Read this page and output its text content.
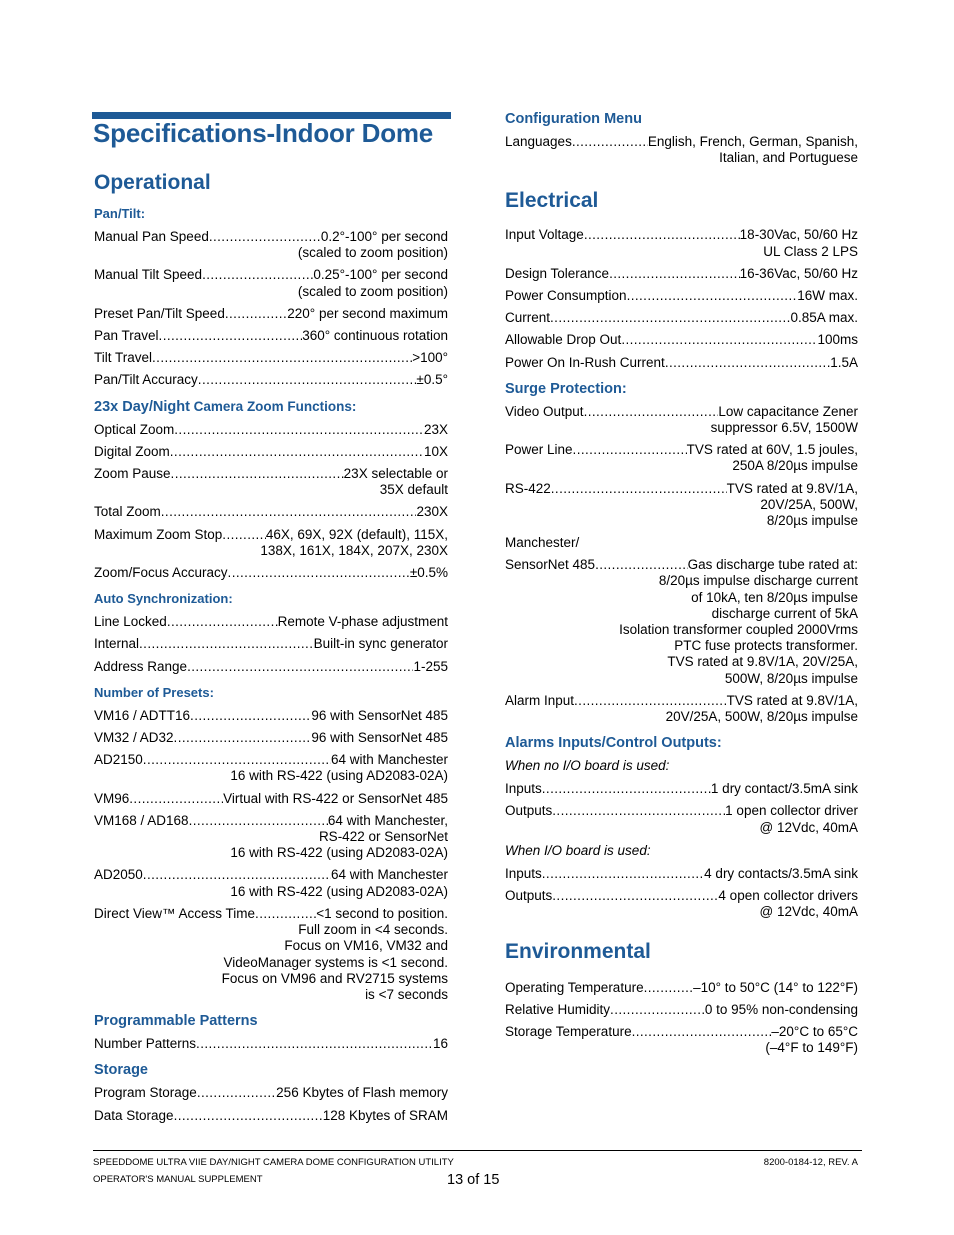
Specifications-Indoor Dome
Operational
Pan/Tilt:
Manual Pan Speed .....	0.2°-100° per second
(scaled to zoom position)
Manual Tilt Speed .....	0.25°-100° per second
(scaled to zoom position)
Preset Pan/Tilt Speed .....	220° per second maximum
Pan Travel .....	360° continuous rotation
Tilt Travel .....	>100°
Pan/Tilt Accuracy .....	±0.5°
23x Day/Night Camera Zoom Functions:
Optical Zoom .....	23X
Digital Zoom .....	10X
Zoom Pause .....	23X selectable or
35X default
Total Zoom .....	230X
Maximum Zoom Stop .....	46X, 69X, 92X (default), 115X,
138X, 161X, 184X, 207X, 230X
Zoom/Focus Accuracy .....	±0.5%
Auto Synchronization:
Line Locked .....	Remote V-phase adjustment
Internal .....	Built-in sync generator
Address Range .....	1-255
Number of Presets:
VM16 / ADTT16 .....	96 with SensorNet 485
VM32 / AD32 .....	96 with SensorNet 485
AD2150 .....	64 with Manchester
16 with RS-422 (using AD2083-02A)
VM96 .....	Virtual with RS-422 or SensorNet 485
VM168 / AD168 .....	64 with Manchester,
RS-422 or SensorNet
16 with RS-422 (using AD2083-02A)
AD2050 .....	64 with Manchester
16 with RS-422 (using AD2083-02A)
Direct View™ Access Time .....	<1 second to position.
Full zoom in <4 seconds.
Focus on VM16, VM32 and
VideoManager systems is <1 second.
Focus on VM96 and RV2715 systems
is <7 seconds
Programmable Patterns
Number Patterns .....	16
Storage
Program Storage .....	256 Kbytes of Flash memory
Data Storage .....	128 Kbytes of SRAM
Configuration Menu
Languages .....	English, French, German, Spanish,
Italian, and Portuguese
Electrical
Input Voltage .....	18-30Vac, 50/60 Hz
UL Class 2 LPS
Design Tolerance .....	16-36Vac, 50/60 Hz
Power Consumption .....	16W max.
Current .....	0.85A max.
Allowable Drop Out .....	100ms
Power On In-Rush Current .....	1.5A
Surge Protection:
Video Output .....	Low capacitance Zener
suppressor 6.5V, 1500W
Power Line .....	TVS rated at 60V, 1.5 joules,
250A 8/20µs impulse
RS-422 .....	TVS rated at 9.8V/1A,
20V/25A, 500W,
8/20µs impulse
Manchester/
SensorNet 485 .....	Gas discharge tube rated at:
8/20µs impulse discharge current
of 10kA, ten 8/20µs impulse
discharge current of 5kA
Isolation transformer coupled 2000Vrms
PTC fuse protects transformer.
TVS rated at 9.8V/1A, 20V/25A,
500W, 8/20µs impulse
Alarm Input .....	TVS rated at 9.8V/1A,
20V/25A, 500W, 8/20µs impulse
Alarms Inputs/Control Outputs:
When no I/O board is used:
Inputs .....	1 dry contact/3.5mA sink
Outputs .....	1 open collector driver
@ 12Vdc, 40mA
When I/O board is used:
Inputs .....	4 dry contacts/3.5mA sink
Outputs .....	4 open collector drivers
@ 12Vdc, 40mA
Environmental
Operating Temperature .....	–10° to 50°C (14° to 122°F)
Relative Humidity .....	0 to 95% non-condensing
Storage Temperature .....	–20°C to 65°C
(–4°F to 149°F)
SPEEDDOME ULTRA VIIE DAY/NIGHT CAMERA DOME CONFIGURATION UTILITY
OPERATOR'S MANUAL SUPPLEMENT	13 of 15
8200-0184-12, REV. A
